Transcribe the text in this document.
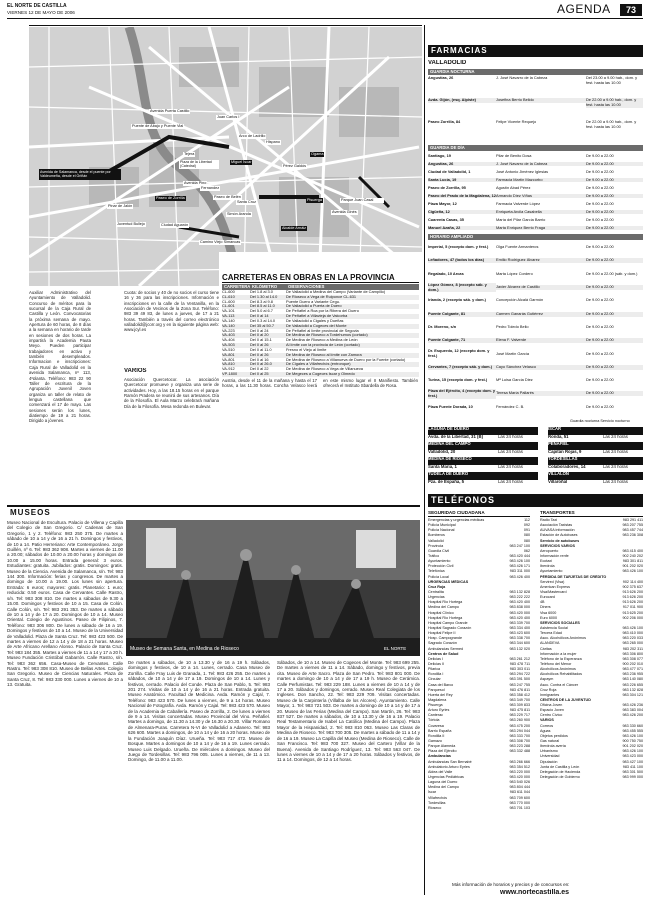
EL NORTE DE CASTILLA
VIERNES 12 DE MAYO DE 2006	AGENDA	73
Avenida Puerta Castillo
Puente de Abajo y Puente Vial
Avenida de Salamanca, desde el puente por Valdeumeña, desde el Griñán
Paseo de Zorrilla
Tejera
Juan Carlos I
Arco de Ladrillo
Hispano
Pérez Galdós
Camino Viejo Simancas
Pinar de Jalón
Juventud Bullejo	Ciudad Aguarón
Paseo de Belén
Avenida Pino
Plaza de la Libertad (Catedral)
Santa Cruz
Simón Aranda
Pisuerga
Alcalde Arnáiz
Ogama
Miguel Íscar
Fernandez
Avenida Ginés
Parque Juan Casal
Auxiliar Administrativo del Ayuntamiento de Valladolid. Concurso de méritos para la sucursal de la Caja Rural de Castilla y León. Convocatorias la próxima semana de mayo. Apertura de 60 horas, de 8 días a la semana en horario de tarde en sesiones de dos horas. La impartirá la Academia Pauta Meyo. Pueden participar trabajadores en activo y también desempleados. Informacion e inscripciones: Caja Rural de Valladolid en la avenida Salamanca, nº 113, 4ºplanta. Teléfono: 983 22 90
Taller de escritura de la Agrupación Juvenil Joven organiza un taller de relato de lengua castellana que comenzará el 17 de mayo. Las sesiones serán los lunes, diatiempo de 19 a 21 horas. Dirigido a jóvenes.
Cuota: de socios y 40 de no socios el curso tiene 16 y 36 para las inscripciones. Información e inscripciones en la calle de la Ventanilla, en la Asociación de Vecinos de la Zona Sur. Teléfono: 983 39 49 83, de lunes a jueves, de 17 a 21 horas. También a través del correo electrónico valladolid@jcorr.org y en la siguiente página web: www.jcyl.es
VARIOS
Asociación Quercetocor. La asociación Quercetocor promueve y organiza una serie de actividades. Hoy, a las 18.15 horas en el parque Ramón Pradera se reunirá de sus artesanos. Día de la Filosofía. El Aula Marzo celebrará mañana Día de la Filosofía. Mesa redonda en Bulevar.
Austria, desde el 11 de la mañana y hasta el 17 horas, a las 11.30 horas. Concha Velasco leerá en este mismo lugar el II Manifiesto. También ofrecerá el Instituto Sbardella de Rosa.
CARRETERAS EN OBRAS EN LA PROVINCIA
CARRETERA KILÓMETRO	OBSERVACIONES
CL-600	Del 1.8 al 3.0	De Valladolid a Medina del Campo (Variante de Campillo)
CL-610	Del 1.30 al 14.0	De Rioseco a Vega de Ruiponce CL-631
CL-600	Del 8.3 al 9.8	Puente Duero a Variante Cegu.
CL-601	Del 8.5 al 11.0	De Valladolid a Puerta de Duero
VA-101	Del 5.0 al 6.7	De Peñafiel a Roa por la Ribera del Duero
VA-113	Del 0 al 14	De Peñafiel a Villavieja de Valcorba
VA-140	Del 0.3 al 14.0	De Valladolid a Cigales y Dueñas
VA-140	Del 35 al 50.7	De Valladolid a Cogeces del Monte
VA-223	Del 0 al 24	De Peñafiel al límite provincial de Segovia
VA-403	Del 0 al 20	De Medina de Rioseco a Tordehumos (cortado)
VA-404	Del 0 al 15.1	De Medina de Rioseco a Medina de León
VA-503	Del 0 al 26	Al límite con la provincia de León (cortado)
VA-510	Del 0 al 11.0	Fresno el Viejo al límite
VA-801	Del 0 al 26	De Medina de Rioseco al límite con Zamora
VA-801	Del 0 al 16	De Medina de Rioseco a Villanueva de Duero por la Fuente (cortado)
VA-810	Del 0 al 26.0	De Cigales a Villafrechós (entronque)
VA-912	Del 0 al 22	De Medina de Rioseco a Vega de Villanueva
VP-1800	Del 0 al 25	De Megeces a Cogeces Iscar y Olmedo
FARMACIAS
VALLADOLID
GUARDIA NOCTURNA
Angustias, 26	J. José Navarro de la Cabeza	Del 23.00 a 9.00 hab., dom. y fest. hasta las 10.00
Avda. Gijón, (esq. Alpiste)	Josefina Berrio Belido	De 22.00 a 9.00 hab., dom. y fest. hasta las 10.00
Paseo Zorrilla, 84	Felipe Vicente Requejo	De 22.00 a 9.00 hab., dom. y fest. hasta las 10.00
GUARDIA DE DÍA
Santiago, 19	Pilar de Benito Dosa	De 9.00 a 22.00
Angustias, 26	J. José Navarro de la Cabeza	De 9.00 a 22.00
Ciudad de Valladolid, 1	José Antonio Jiménez Iglesias	De 9.00 a 22.00
Santa Lucía, 19	Farmacia Martín Mazcorbo	De 9.00 a 22.00
Paseo de Zorrilla, 95	Agustín Abad Pérez	De 9.00 a 22.00
Paseo del Prado de la Magdalena, 12 Armando Díez Víñas	De 9.00 a 22.00
Plaza Mayor, 12	Farmacia Valverde López	De 9.00 a 22.00
Cigüeña, 12	Enriqueta Arcila Casabella	De 9.00 a 22.00
Cuarenta Casas, 35	María del Pilar García Barrio	De 9.00 a 22.00
Manuel Azaña, 22	Marta Enriquez Berrio Fraga	De 9.00 a 22.00
HORARIO AMPLIADO
Imperial, 5 (excepto dom. y fest.)	Olga Fuente Armanteros	De 9.00 a 22.00
Leñadores, 47 (todos los días)	Emilio Rodríguez Álvarez	De 9.00 a 22.00
Regalado, 10 Arcas	Marta López Cordero	De 9.00 a 22.00 (sáb. y dom.)
López Gómez, 8 (excepto sáb. y dom.)	Javier Álvarez de Castillo	De 9.00 a 22.00
Irlanda, 2 (excepto sáb. y dom.)	Concepción Alcalá Garmón	De 9.00 a 22.00
Puente Colgante, 81	Carmen Ganarás Gutiérrez	De 9.00 a 22.00
Dr. Moreno, s/n	Pedro Toledo Bello	De 9.00 a 22.00
Puente Colgante, 71	Elena F. Valverde	De 9.00 a 22.00
Dr. Esquerdo, 12 (excepto dom. y fest.)	José Martín García	De 9.00 a 22.00
Cervantes, 7 (excepto sáb. y dom.)	Cayo Sánchez Velasco	De 9.00 a 22.00
Turina, 15 (excepto dom. y fest.)	Mª Luisa García Diez	De 9.00 a 22.00
Plaza del Ejército, 4 (excepto dom. y fest.)	Teresa María Pallarés	De 9.00 a 22.00
Plaza Fuente Dorada, 10	Fernández C. B.	De 9.00 a 22.00
Guardia nocturna Servicio nocturno
LAGUNA DE DUERO
Avda. de la Libertad, 31 (B)	Las 24 horas
MEDINA DEL CAMPO
Valladolid, 20	Las 24 horas
MEDINA DE RIOSECO
Santa Maria, 1	Las 24 horas
TUDELA DE DUERO
Pza. de España, 5	Las 24 horas
ÍSCAR
Ronda, 51	Las 24 horas
PEÑAFIEL
Capitán Rojas, 9	Las 24 horas
TORDESILLAS
Colaboradores, 14	Las 24 horas
VILLALÓN
Villaroñal	Las 24 horas
TELÉFONOS
SEGURIDAD CIUDADANA
Emergencias y urgencias médicas	112
Policía Municipal	092
Policía Nacional	091
Bomberos	080
Valladolid	080
Provincia	983 247 100
Guardia Civil	062
Tráfico	983 420 444
Ayuntamiento	983 426 100
Protección Civil	983 426 171
Telefónica	983 311 000
Policía Local	983 426 400
URGENCIAS MÉDICAS
Cruz Roja
Centralita	983 132 828
Urgencias	983 222 222
Hospital Río Hortega	983 420 400
Medina del Campo	983 838 000
Hospital Clínico	983 420 000
Hospital Río Hortega	983 420 400
Hospital Campo Grande	983 339 700
Hospital Sagrado Corazón	983 334 400
Hospital Felipe II	983 423 600
Hosp. Campogrande	983 338 700
Sagrado Corazón	983 344 600
Ambulancias Sermed	983 132 020
Centros de Salud
Delicias I	983 261 212
Delicias II	983 478 711
Pilarica	983 303 011
Rondilla I	983 294 722
Circular	983 391 500
Casa del Barco	983 247 755
Parquesol	983 476 811
Huerta del Rey	983 358 412
Magdalena	983 349 700
Pisuerga	983 309 833
Arturo Eyries	983 475 811
Canterac	983 229 717
Tórtola	983 260 900
Covaresa	983 475 200
Barrio España	983 294 044
Rondilla II	983 333 700
Gamazo	983 308 700
Parque Alameda	983 223 288
Plaza del Ejército	983 332 488
Ambulancias
Ambulancias San Bernabé	983 266 666
Ambulatorio Arturo Eyries	983 354 512
Aldea del Valle	983 220 000
Urgencias Pediátricas	983 420 000
Laguna del Duero	983 540 026
Medina del Campo	983 804 444
Íscar	983 611 044
Villafrechós	983 709 600
Tordesillas	983 770 000
Rioseco	983 701 103
TRANSPORTES
Radio Taxi	983 291 411
Asociación Taxistas	983 207 755
AUVASA información	983 457 744
Estación de Autobuses	983 236 308
Servicio de autobuses
SERVICIOS VARIOS
Aeropuerto	983 415 400
Información renfe	902 240 202
Ecotaxi	983 301 811
Iberdrola	901 202 020
Ayuntamiento	983 426 100
PÉRDIDA DE TARJETAS DE CRÉDITO
Servired (Visa)	902 114 400
American Express	902 375 637
Visa/Mastercard	913 626 200
Eurocard	913 626 200
4B	913 626 200
Diners	917 011 900
Visa 6000	913 625 200
Euro 6000	902 206 000
SERVICIOS SOCIALES
Asistencia Social	983 426 100
Tercera Edad	983 410 000
Asoc. Alcohólicos Anónimos	983 220 033
ALANDEVA	983 265 000
Cáritas	983 202 311
Información a la mujer	983 306 800
Teléfono de la Esperanza	983 308 077
Teléfono del Menor	900 202 010
Alcohólicos Anónimos	983 477 071
Alcohólicos Rehabilitados	983 236 955
Aspaym	983 140 080
Asoc. Contra el Cáncer	983 226 655
Cruz Roja	983 132 828
Inmigrantes	983 304 121
CENTROS DE LA JUVENTUD
Oficina Joven	983 426 236
Espacio Joven	983 383 004
Centro Cívico	983 426 200
VARIOS
Correos	983 330 660
Aguas	983 455 555
Objetos perdidos	983 426 100
Gas natural	900 750 750
Iberdrola avería	901 202 020
Urbanismo	983 426 100
Universidad	983 423 000
Diputación	983 427 100
Junta de Castilla y León	983 411 100
Delegación de Hacienda	983 301 500
Delegación de Gobierno	983 999 000
Más información de horarios y precios y de concursos en:
www.nortecastilla.es
MUSEOS
Museo Nacional de Escultura. Palacio de Villena y Capilla del Colegio de San Gregorio. C/ Cadenas de San Gregorio, 1 y 2. Teléfono: 983 250 375. De martes a sábado de 10 a 14 y de 16 a 21 h. Domingos y festivos, de 10 a 14. Patio Herreriano: Arte Contemporáneo. Jorge Guillén, nº 6. Tel: 983 362 908. Martes a viernes de 11.00 a 20.00; sábados de 10.00 a 20.00 horas y domingos de 10.00 a 15.00 horas. Entrada general: 3 euros. Estudiantes: gratuita. Jubilados: gratis. Domingos: gratis. Museo de la Ciencia. Avenida de Salamanca, s/n. Tel: 983 144 300. Información: ferias y congresos. De martes a domingo de 10.00 a 19.00. Los lunes sin apertura. Entrada: 6 euros; mayores: gratis. Planetario: 1 euro; reducida: 0.50 euros. Casa de Cervantes. Calle Rastro, s/n. Tel: 983 308 810. De martes a sábados de 9.30 a 15.00. Domingos y festivos de 10 a 15. Casa de Colón. Calle Colón, s/n. Tel: 983 291 353. De martes a sábado de 10 a 14 y de 17 a 20. Domingos de 10 a 14. Museo Oriental. Colegio de Agustinos. Paseo de Filipinos, 7. Teléfono: 983 306 800. De lunes a sábado de 16 a 19. Domingos y festivos de 10 a 14. Museo de la Universidad de Valladolid. Plaza de Santa Cruz. Tel: 983 423 500. De martes a viernes de 12 a 14 y de 18 a 21 horas. Museo de Arte Africano Arellano Alonso. Palacio de Santa Cruz. Tel: 983 184 355. Martes a viernes de 11 a 14 y 17 a 20 h. Museo Fundación Cristóbal Gabarrón. Calle Rastro, s/n. Tel: 983 362 656. Casa-Museo de Cervantes. Calle Rastro. Tel: 983 308 810. Museo de Bellas Artes. Colegio San Gregorio. Museo de Ciencias Naturales. Plaza de Santa Cruz, 8. Tel: 983 330 000. Lunes a viernes de 10 a 13. Gratuita.
Museo de Semana Santa, en Medina de Rioseco	EL NORTE
De martes a sábados, de 10 a 13.30 y de 16 a 19 h. Sábados, domingos y festivos, de 10 a 14. Lunes, cerrado. Casa Museo de Zorrilla. Calle Fray Luis de Granada, 1. Tel: 983 426 255. De martes a sábados, de 10 a 14 y de 17 a 19. Domingos de 10 a 14. Lunes y festivos, cerrado. Palacio del Conde. Plaza de San Pablo, 5. Tel: 983 201 274. Visitas de 10 a 14 y de 16 a 21 horas. Entrada gratuita. Museo Anatómico. Facultad de Medicina. Avda. Ramón y Cajal, 7. Teléfono: 983 423 570. De lunes a viernes, de 9 a 14 horas. Museo Nacional de Fotografía. Avda. Ramón y Cajal. Tel: 983 423 570. Museo de la Academia de Caballería. Paseo de Zorrilla, 2. De lunes a viernes de 9 a 14. Visitas concertadas. Museo Provincial del Vino. Peñafiel. Martes a domingo, de 11.30 a 14.30 y de 16.30 a 20.30. Villar Romano de Almenara-Puras. Carretera N-VI de Valladolid a Adanero. Tel: 983 626 600. Martes a domingos, de 10 a 14 y de 16 a 20 horas. Museo de la Fundación Joaquín Díaz. Urueña. Tel: 983 717 472. Museo de Bosque. Martes a domingos de 10 a 14 y de 16 a 19. Lunes cerrado. Museo Luis Delgado. Urueña. De miércoles a domingos. Museo del Juego de Tordesillas. Tel: 983 796 005. Lunes a viernes, de 11 a 13. Domingo, de 11.00 a 11.00.
Sábados, de 10 a 14. Museo de Cogeces del Monte. Tel: 983 699 255. De martes a viernes de 11 a 14. Sábado, domingo y festivos, previa cita. Museo de Arte Sacro. Plaza de San Pedro. Tel: 983 801 000. De martes a domingo de 10 a 14 y de 17 a 19 h. Museo de Cerámica. Calle Perfumistas. Tel: 983 229 188. Lunes a viernes de 10 a 14 y de 17 a 20. Sábados y domingos, cerrado. Museo Real Colegiata de los Ingleses. Don Sancho, 22. Tel: 983 229 709. Visitas concertadas. Museo de la Carpintería (Villalba de los Alcores). Ayuntamiento. Calle Mayor, 1. Tel: 983 721 503. De martes a domingo de 10 a 14 y de 17 a 20. Museo de las Ferias (Medina del Campo). San Martín, 26. Tel: 983 837 527. De martes a sábados, de 10 a 13.30 y de 16 a 19. Palacio Real Testamentario de Isabel La Católica (Medina del Campo). Plaza Mayor de la Hispanidad, 2. Tel: 983 810 063. Museo Las Claras de Medina de Rioseco. Tel: 983 700 305. De martes a sábado de 11 a 14 y de 16 a 19. Museo La Capilla del Museo (Medina de Rioseco). Calle de San Francisco. Tel: 983 700 327. Museo del Cartero (Villar de la Buena). Avenida de Santiago Rodríguez, 13. Tel: 983 563 047. De lunes a viernes de 10 a 14 y de 17 a 20 horas. Sábados y festivos, de 11 a 14. Domingos, de 12 a 14 horas.
